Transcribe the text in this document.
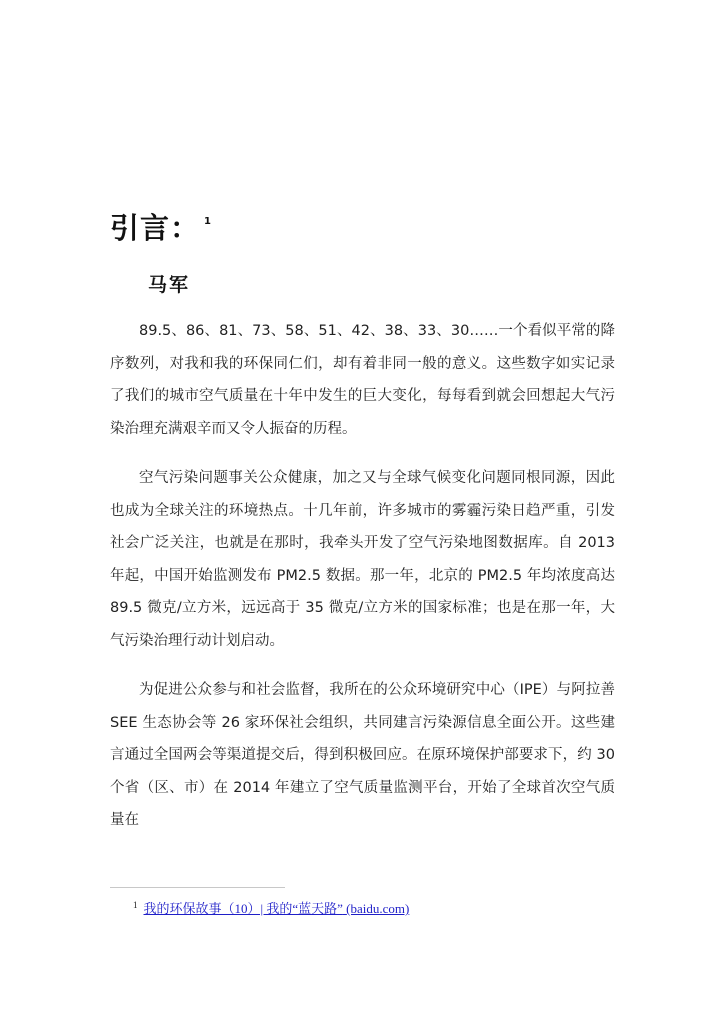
引言： $^1$
马军

89.5、86、81、73、58、51、42、38、33、30……一个看似平常的降序数列，对我和我的环保同仁们，却有着非同一般的意义。这些数字如实记录了我们的城市空气质量在十年中发生的巨大变化，每每看到就会回想起大气污染治理充满艰辛而又令人振奋的历程。

空气污染问题事关公众健康，加之又与全球气候变化问题同根同源，因此也成为全球关注的环境热点。十几年前，许多城市的雾霾污染日趋严重，引发社会广泛关注，也就是在那时，我牵头开发了空气污染地图数据库。自 2013 年起，中国开始监测发布 PM2.5 数据。那一年，北京的 PM2.5 年均浓度高达 89.5 微克/立方米，远远高于 35 微克/立方米的国家标准；也是在那一年，大气污染治理行动计划启动。

为促进公众参与和社会监督，我所在的公众环境研究中心（IPE）与阿拉善 SEE 生态协会等 26 家环保社会组织，共同建言污染源信息全面公开。这些建言通过全国两会等渠道提交后，得到积极回应。在原环境保护部要求下，约 30 个省（区、市）在 2014 年建立了空气质量监测平台，开始了全球首次空气质量在

$^1$ 我的环保故事（10）| 我的“蓝天路” (baidu.com)
